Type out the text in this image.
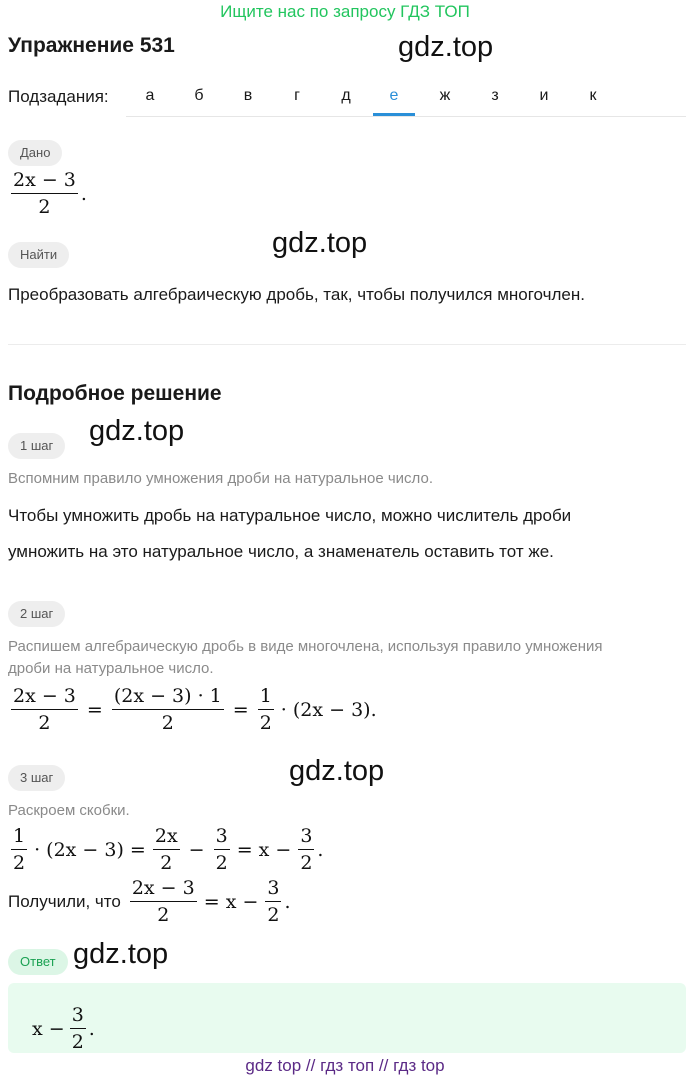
Ищите нас по запросу ГДЗ ТОП
Упражнение 531	gdz.top
gdz.top
gdz.top
gdz.top
gdz.top
Подзадания:	а	б	в	г	д	е	ж	з	и	к
Дано
$\frac{2x - 3}{2}$ .
Найти
Преобразовать алгебраическую дробь, так, чтобы получился многочлен.
Подробное решение
1 шаг
Вспомним правило умножения дроби на натуральное число.
Чтобы умножить дробь на натуральное число, можно числитель дроби
умножить на это натуральное число, а знаменатель оставить тот же.
2 шаг
Распишем алгебраическую дробь в виде многочлена, используя правило умножения
дроби на натуральное число.
$\frac{2x - 3}{2} = \frac{(2x - 3) \cdot 1}{2} = \frac{1}{2} \cdot (2x - 3)$.
3 шаг
Раскроем скобки.
$\frac{1}{2} \cdot (2x - 3) = \frac{2x}{2} - \frac{3}{2} = x - \frac{3}{2}$ .
Получили, что $\frac{2x - 3}{2} = x - \frac{3}{2}$ .
Ответ
$x - \frac{3}{2}$ .
gdz top // гдз топ // гдз top
